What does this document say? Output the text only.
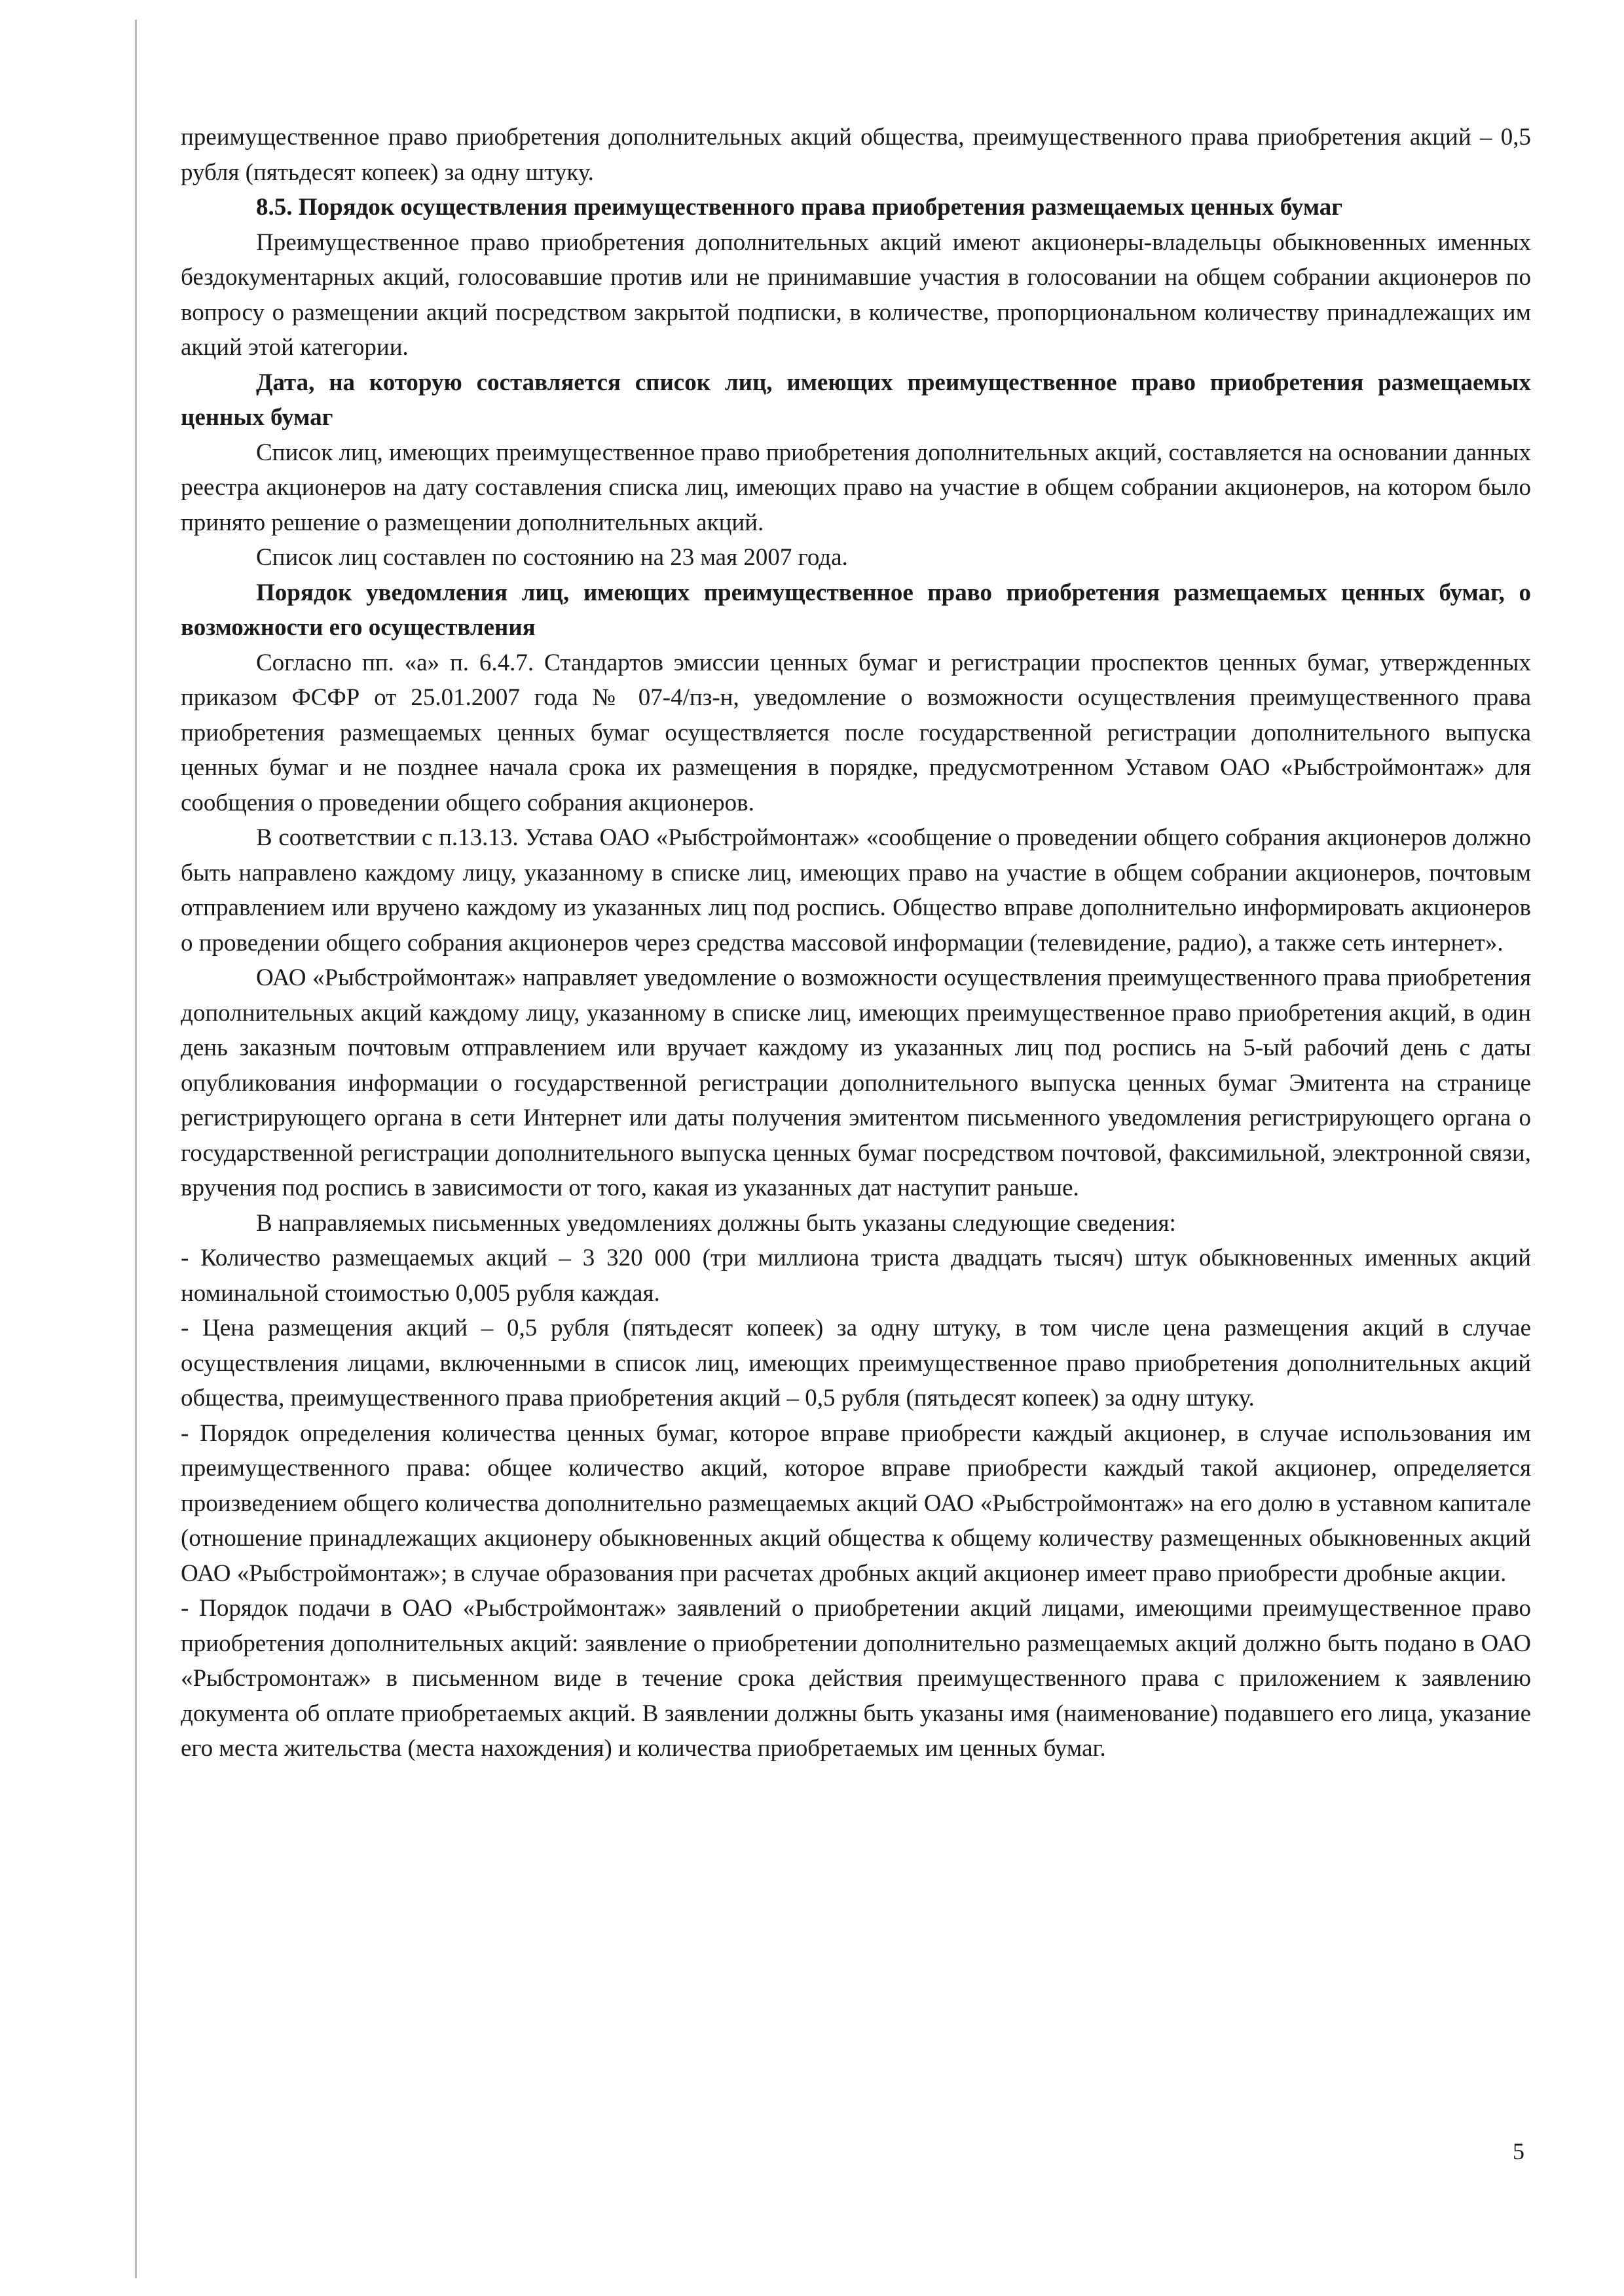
преимущественное право приобретения дополнительных акций общества, преимущественного права приобретения акций – 0,5 рубля (пятьдесят копеек) за одну штуку.

8.5. Порядок осуществления преимущественного права приобретения размещаемых ценных бумаг

Преимущественное право приобретения дополнительных акций имеют акционеры-владельцы обыкновенных именных бездокументарных акций, голосовавшие против или не принимавшие участия в голосовании на общем собрании акционеров по вопросу о размещении акций посредством закрытой подписки, в количестве, пропорциональном количеству принадлежащих им акций этой категории.

Дата, на которую составляется список лиц, имеющих преимущественное право приобретения размещаемых ценных бумаг

Список лиц, имеющих преимущественное право приобретения дополнительных акций, составляется на основании данных реестра акционеров на дату составления списка лиц, имеющих право на участие в общем собрании акционеров, на котором было принято решение о размещении дополнительных акций.

Список лиц составлен по состоянию на 23 мая 2007 года.

Порядок уведомления лиц, имеющих преимущественное право приобретения размещаемых ценных бумаг, о возможности его осуществления

Согласно пп. «а» п. 6.4.7. Стандартов эмиссии ценных бумаг и регистрации проспектов ценных бумаг, утвержденных приказом ФСФР от 25.01.2007 года № 07-4/пз-н, уведомление о возможности осуществления преимущественного права приобретения размещаемых ценных бумаг осуществляется после государственной регистрации дополнительного выпуска ценных бумаг и не позднее начала срока их размещения в порядке, предусмотренном Уставом ОАО «Рыбстроймонтаж» для сообщения о проведении общего собрания акционеров.

В соответствии с п.13.13. Устава ОАО «Рыбстроймонтаж» «сообщение о проведении общего собрания акционеров должно быть направлено каждому лицу, указанному в списке лиц, имеющих право на участие в общем собрании акционеров, почтовым отправлением или вручено каждому из указанных лиц под роспись. Общество вправе дополнительно информировать акционеров о проведении общего собрания акционеров через средства массовой информации (телевидение, радио), а также сеть интернет».

ОАО «Рыбстроймонтаж» направляет уведомление о возможности осуществления преимущественного права приобретения дополнительных акций каждому лицу, указанному в списке лиц, имеющих преимущественное право приобретения акций, в один день заказным почтовым отправлением или вручает каждому из указанных лиц под роспись на 5-ый рабочий день с даты опубликования информации о государственной регистрации дополнительного выпуска ценных бумаг Эмитента на странице регистрирующего органа в сети Интернет или даты получения эмитентом письменного уведомления регистрирующего органа о государственной регистрации дополнительного выпуска ценных бумаг посредством почтовой, факсимильной, электронной связи, вручения под роспись в зависимости от того, какая из указанных дат наступит раньше.

В направляемых письменных уведомлениях должны быть указаны следующие сведения:

- Количество размещаемых акций – 3 320 000 (три миллиона триста двадцать тысяч) штук обыкновенных именных акций номинальной стоимостью 0,005 рубля каждая.

- Цена размещения акций – 0,5 рубля (пятьдесят копеек) за одну штуку, в том числе цена размещения акций в случае осуществления лицами, включенными в список лиц, имеющих преимущественное право приобретения дополнительных акций общества, преимущественного права приобретения акций – 0,5 рубля (пятьдесят копеек) за одну штуку.

- Порядок определения количества ценных бумаг, которое вправе приобрести каждый акционер, в случае использования им преимущественного права: общее количество акций, которое вправе приобрести каждый такой акционер, определяется произведением общего количества дополнительно размещаемых акций ОАО «Рыбстроймонтаж» на его долю в уставном капитале (отношение принадлежащих акционеру обыкновенных акций общества к общему количеству размещенных обыкновенных акций ОАО «Рыбстроймонтаж»; в случае образования при расчетах дробных акций акционер имеет право приобрести дробные акции.

- Порядок подачи в ОАО «Рыбстроймонтаж» заявлений о приобретении акций лицами, имеющими преимущественное право приобретения дополнительных акций: заявление о приобретении дополнительно размещаемых акций должно быть подано в ОАО «Рыбстромонтаж» в письменном виде в течение срока действия преимущественного права с приложением к заявлению документа об оплате приобретаемых акций. В заявлении должны быть указаны имя (наименование) подавшего его лица, указание его места жительства (места нахождения) и количества приобретаемых им ценных бумаг.

5
